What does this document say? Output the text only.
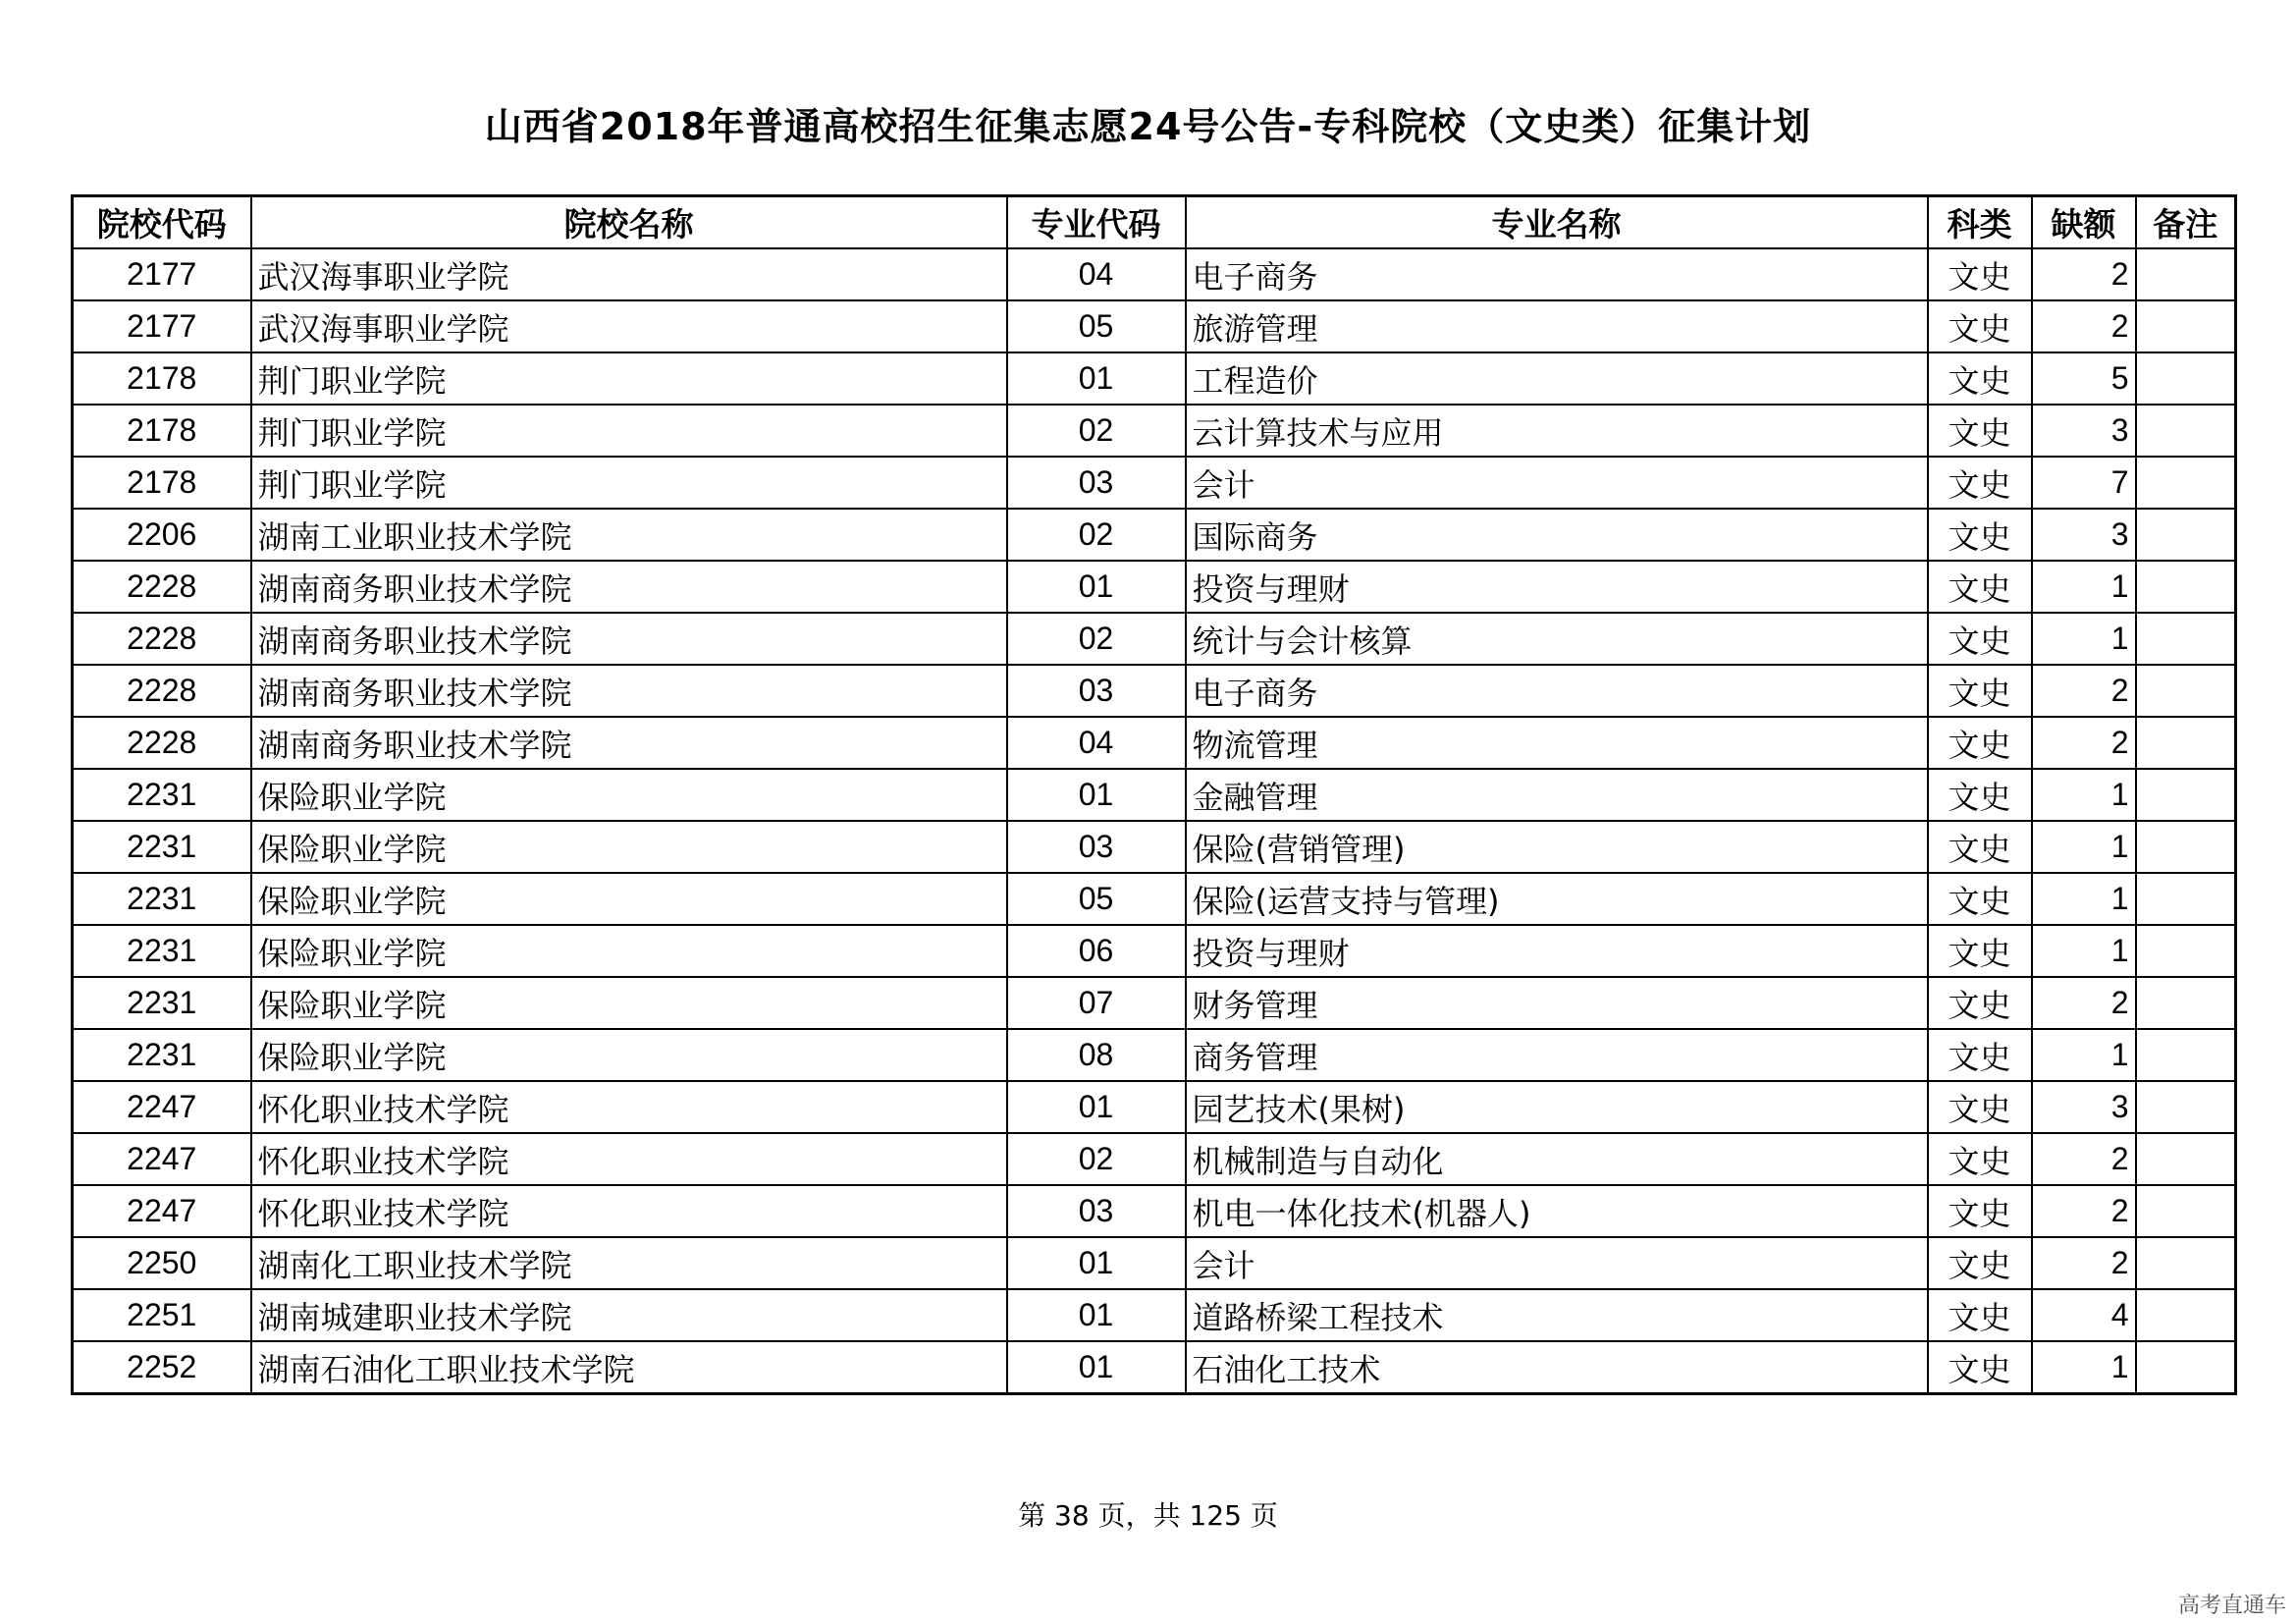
山西省2018年普通高校招生征集志愿24号公告-专科院校（文史类）征集计划
院校代码	院校名称	专业代码	专业名称	科类	缺额	备注
2177	武汉海事职业学院	04	电子商务	文史	2	
2177	武汉海事职业学院	05	旅游管理	文史	2	
2178	荆门职业学院	01	工程造价	文史	5	
2178	荆门职业学院	02	云计算技术与应用	文史	3	
2178	荆门职业学院	03	会计	文史	7	
2206	湖南工业职业技术学院	02	国际商务	文史	3	
2228	湖南商务职业技术学院	01	投资与理财	文史	1	
2228	湖南商务职业技术学院	02	统计与会计核算	文史	1	
2228	湖南商务职业技术学院	03	电子商务	文史	2	
2228	湖南商务职业技术学院	04	物流管理	文史	2	
2231	保险职业学院	01	金融管理	文史	1	
2231	保险职业学院	03	保险(营销管理)	文史	1	
2231	保险职业学院	05	保险(运营支持与管理)	文史	1	
2231	保险职业学院	06	投资与理财	文史	1	
2231	保险职业学院	07	财务管理	文史	2	
2231	保险职业学院	08	商务管理	文史	1	
2247	怀化职业技术学院	01	园艺技术(果树)	文史	3	
2247	怀化职业技术学院	02	机械制造与自动化	文史	2	
2247	怀化职业技术学院	03	机电一体化技术(机器人)	文史	2	
2250	湖南化工职业技术学院	01	会计	文史	2	
2251	湖南城建职业技术学院	01	道路桥梁工程技术	文史	4	
2252	湖南石油化工职业技术学院	01	石油化工技术	文史	1	
第 38 页，共 125 页
高考直通车
